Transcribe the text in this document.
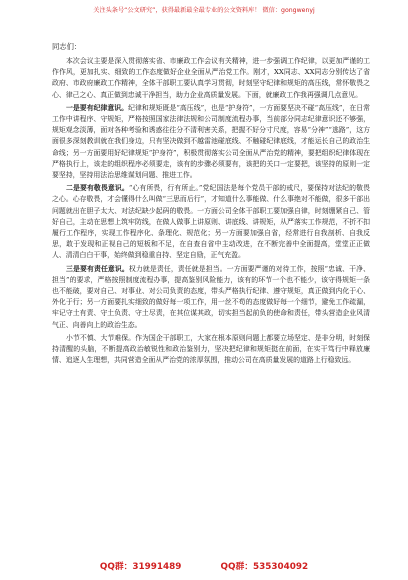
关注头条号“公文研究”，获得最新最全最专业的公文资料库！ 微信：gongwenyj

同志们：

本次会议主要是深入贯彻落实省、市廉政工作会议有关精神，进一步强调工作纪律，以更加严谨的工作作风，更加扎实、细致的工作态度做好企业全面从严治党工作。刚才，XX同志、XX同志分别传达了省政府、市政府廉政工作精神，全体干部职工要认真学习贯彻，时刻坚守纪律和规矩的高压线，常怀敬畏之心、律己之心、真正做到忠诚干净担当，助力企业高质量发展。下面，就廉政工作我再强调几点意见。

一是要有纪律意识。纪律和规矩既是“高压线”，也是“护身符”，一方面要坚决不碰“高压线”，在日常工作中讲程序、守规矩，严格按照国家法律法规和公司制度流程办事，当前部分同志纪律意识还不够强，规矩观念淡薄，面对各种考验和诱惑往往分不清利害关系，把握不好分寸尺度，容易“分神”“逃路”，这方面很多深刻教训就在我们身边，只有坚决做到不越雷池碰底线、不触碰纪律底线，才能运长自己的政治生命线；另一方面要用好纪律规矩“护身符”，积极贯彻落实公司全面从严治党的精神，要把组织纪律体现在严格执行上，该走的组织程序必须要走，该有的步骤必须要有，该把的关口一定要把，该坚持的原则一定要坚持，坚持用法治思维谋划问题、推进工作。

二是要有敬畏意识。“心有所畏，行有所止。”党纪国法是每个党员干部的戒尺，要保持对法纪的敬畏之心。心存敬畏，才会懂得什么叫做“三思而后行”，才知道什么事能做、什么事绝对不能做，很多干部出问题就出在胆子太大、对法纪缺少起码的敬畏。一方面公司全体干部职工要加强自律，时刻绷紧自己、管好自己，主动在思想上筑牢防线，在做人做事上讲原则、讲底线、讲规矩，从严落实工作规范，不折不扣履行工作程序，实现工作程序化、条理化、规范化；另一方面要加强自省，经常进行自我剖析、自我反思，敢于发现和正视自己的短板和不足，在自查自省中主动改进，在不断完善中全面提高，堂堂正正做人、清清白白干事，始终做到稳重自持、坚定自励，正气充盈。

三是要有责任意识。权力就是责任，责任就是担当。一方面要严谨的对待工作，按照“忠诚、干净、担当”的要求，严格按照制度流程办事，提高鉴别风险能力，该有的环节一个也不能少，该守得规矩一条也不能破，要对自己、对事业、对公司负责的态度，带头严格执行纪律、遵守规矩，真正做到内化于心、外化于行；另一方面要扎实细致的做好每一项工作，用一丝不苟的态度做好每一个细节，避免工作疏漏，牢记守土有责、守土负责、守土尽责，在其位谋其政，切实担当起前负的使命和责任，带头营造企业风清气正、向善向上的政治生态。

小节不慎、大节难保。作为国企干部职工，大家在根本原则问题上都要立场坚定、是非分明，时刻保持清醒的头脑，不断提高政治敏锐性和政治鉴别力，坚决把纪律和规矩挺在前面，在实干笃行中释放廉情、追逐人生理想，共同营造全面从严治党的浓厚氛围，推动公司在高质量发展的道路上行稳致远。

QQ群：31991489	QQ群：535304092
